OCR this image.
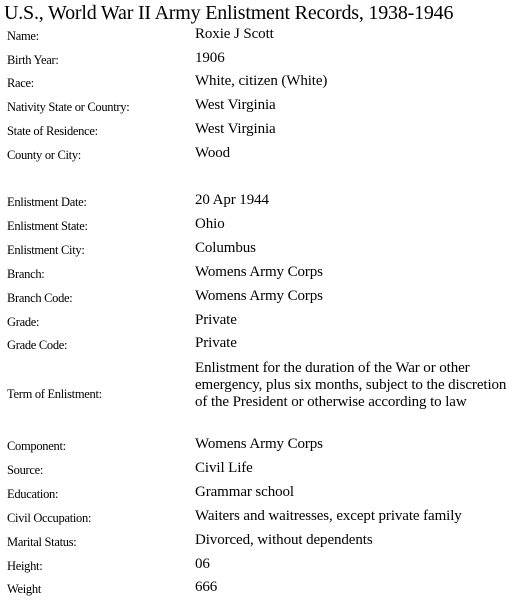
U.S., World War II Army Enlistment Records, 1938-1946
Name:	Roxie J Scott
Birth Year:	1906
Race:	White, citizen (White)
Nativity State or Country:	West Virginia
State of Residence:	West Virginia
County or City:	Wood
Enlistment Date:	20 Apr 1944
Enlistment State:	Ohio
Enlistment City:	Columbus
Branch:	Womens Army Corps
Branch Code:	Womens Army Corps
Grade:	Private
Grade Code:	Private
Term of Enlistment:
Enlistment for the duration of the War or other emergency, plus six months, subject to the discretion of the President or otherwise according to law
Component:	Womens Army Corps
Source:	Civil Life
Education:	Grammar school
Civil Occupation:	Waiters and waitresses, except private family
Marital Status:	Divorced, without dependents
Height:	06
Weight	666
